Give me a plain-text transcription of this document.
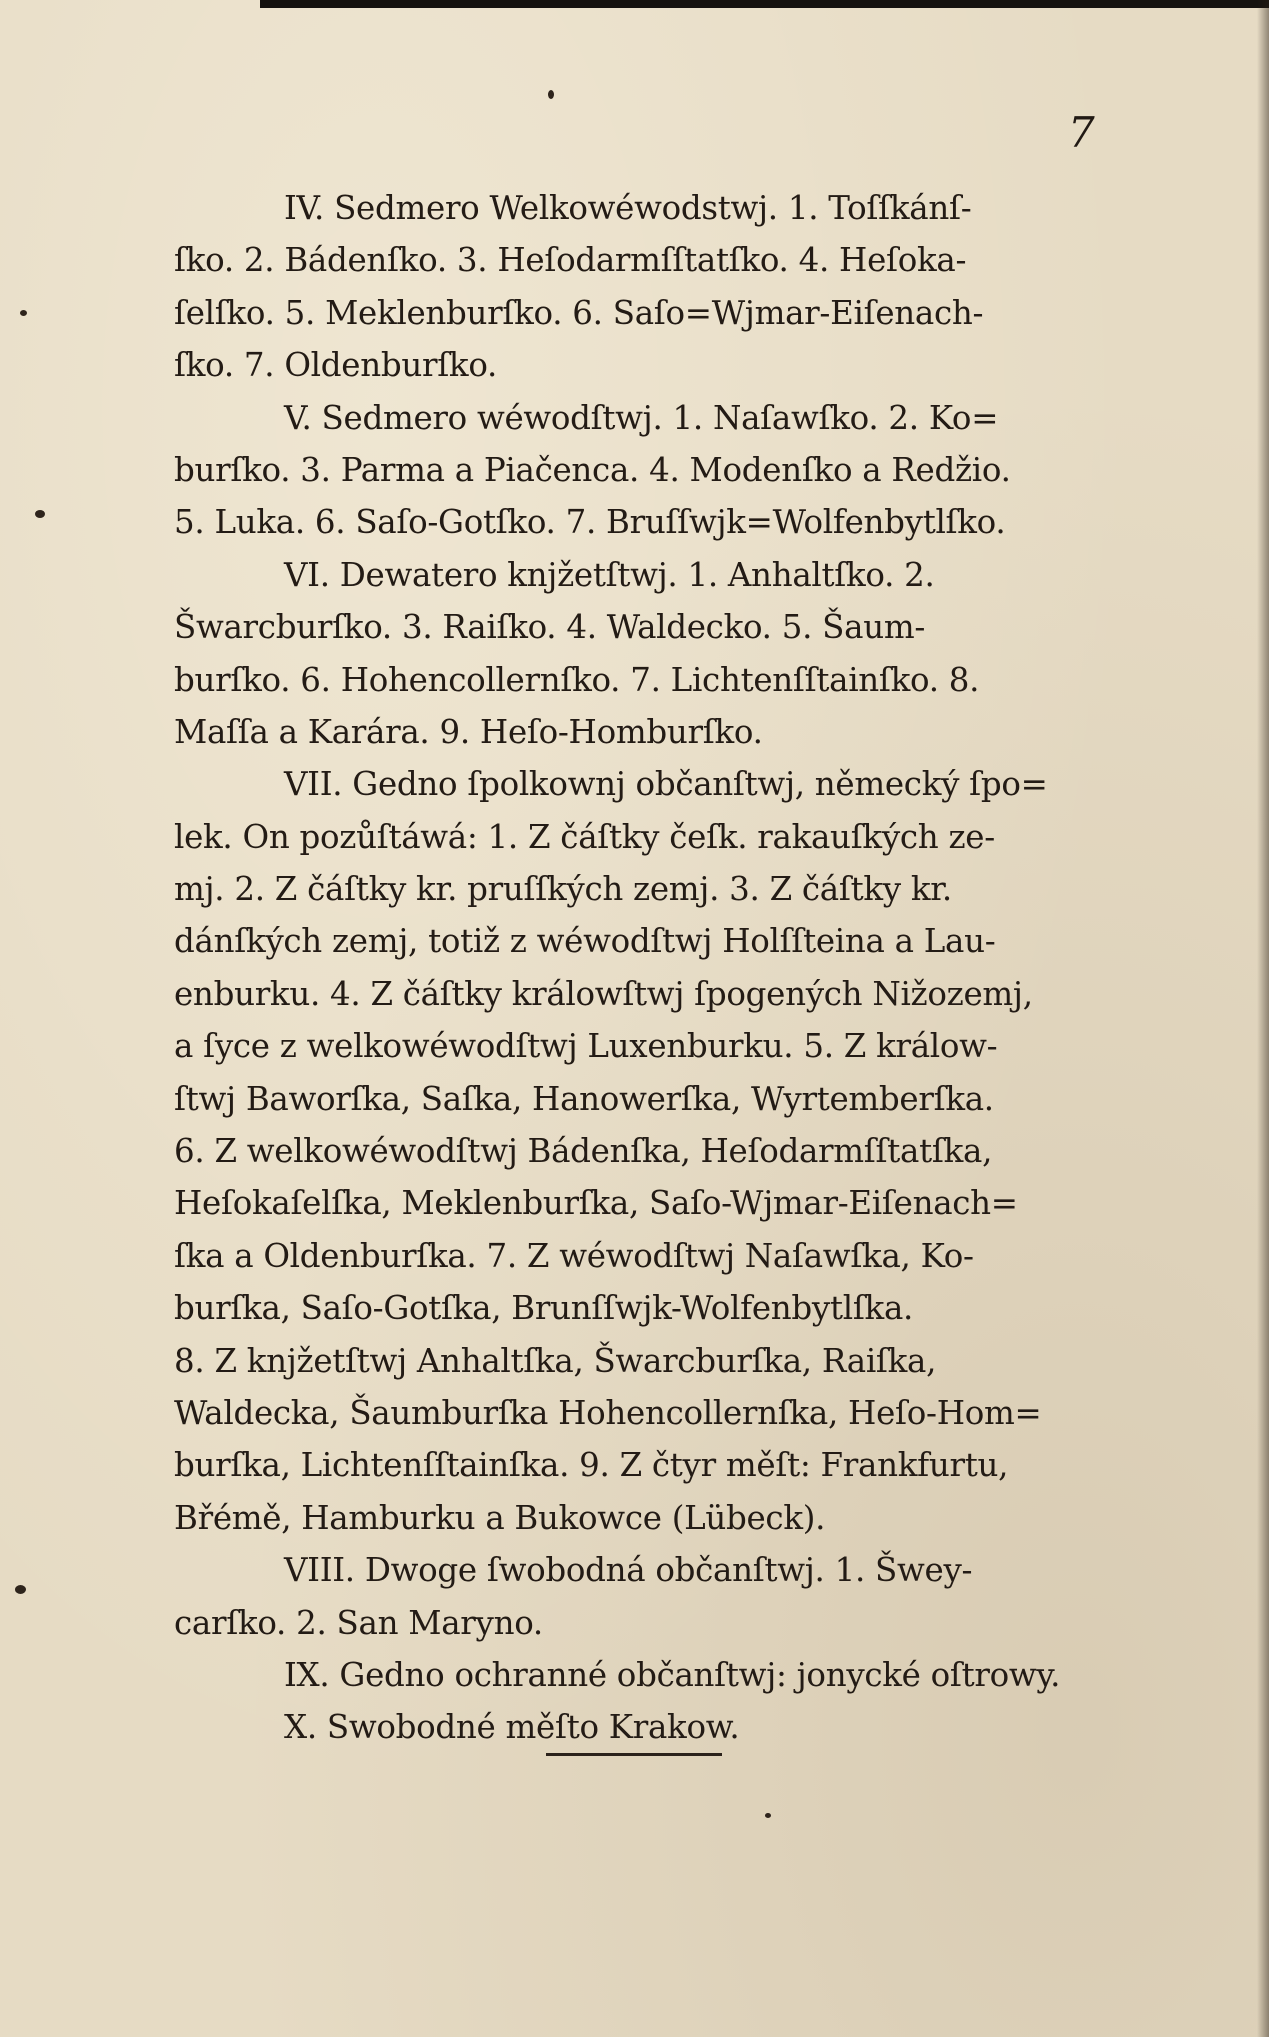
7
IV. Sedmero Welkowéwodstwj. 1. Toſſkánſ-
ſko. 2. Bádenſko. 3. Heſodarmſſtatſko. 4. Heſoka-
ſelſko. 5. Meklenburſko. 6. Saſo=Wjmar-Eiſenach-
ſko. 7. Oldenburſko.
V. Sedmero wéwodſtwj. 1. Naſawſko. 2. Ko=
burſko. 3. Parma a Piačenca. 4. Modenſko a Redžio.
5. Luka. 6. Saſo-Gotſko. 7. Bruſſwjk=Wolfenbytlſko.
VI. Dewatero knjžetſtwj. 1. Anhaltſko. 2.
Šwarcburſko. 3. Raiſko. 4. Waldecko. 5. Šaum-
burſko. 6. Hohencollernſko. 7. Lichtenſſtainſko. 8.
Maſſa a Karára. 9. Heſo-Homburſko.
VII. Gedno ſpolkownj občanſtwj, německý ſpo=
lek. On pozůſtáwá: 1. Z čáſtky čeſk. rakauſkých ze-
mj. 2. Z čáſtky kr. pruſſkých zemj. 3. Z čáſtky kr.
dánſkých zemj, totiž z wéwodſtwj Holſſteina a Lau-
enburku. 4. Z čáſtky králowſtwj ſpogených Nižozemj,
a ſyce z welkowéwodſtwj Luxenburku. 5. Z králow-
ſtwj Baworſka, Saſka, Hanowerſka, Wyrtemberſka.
6. Z welkowéwodſtwj Bádenſka, Heſodarmſſtatſka,
Heſokaſelſka, Meklenburſka, Saſo-Wjmar-Eiſenach=
ſka a Oldenburſka. 7. Z wéwodſtwj Naſawſka, Ko-
burſka, Saſo-Gotſka, Brunſſwjk-Wolfenbytlſka.
8. Z knjžetſtwj Anhaltſka, Šwarcburſka, Raiſka,
Waldecka, Šaumburſka Hohencollernſka, Heſo-Hom=
burſka, Lichtenſſtainſka. 9. Z čtyr měſt: Frankfurtu,
Břémě, Hamburku a Bukowce (Lübeck).
VIII. Dwoge ſwobodná občanſtwj. 1. Šwey-
carſko. 2. San Maryno.
IX. Gedno ochranné občanſtwj: jonycké oſtrowy.
X. Swobodné měſto Krakow.
